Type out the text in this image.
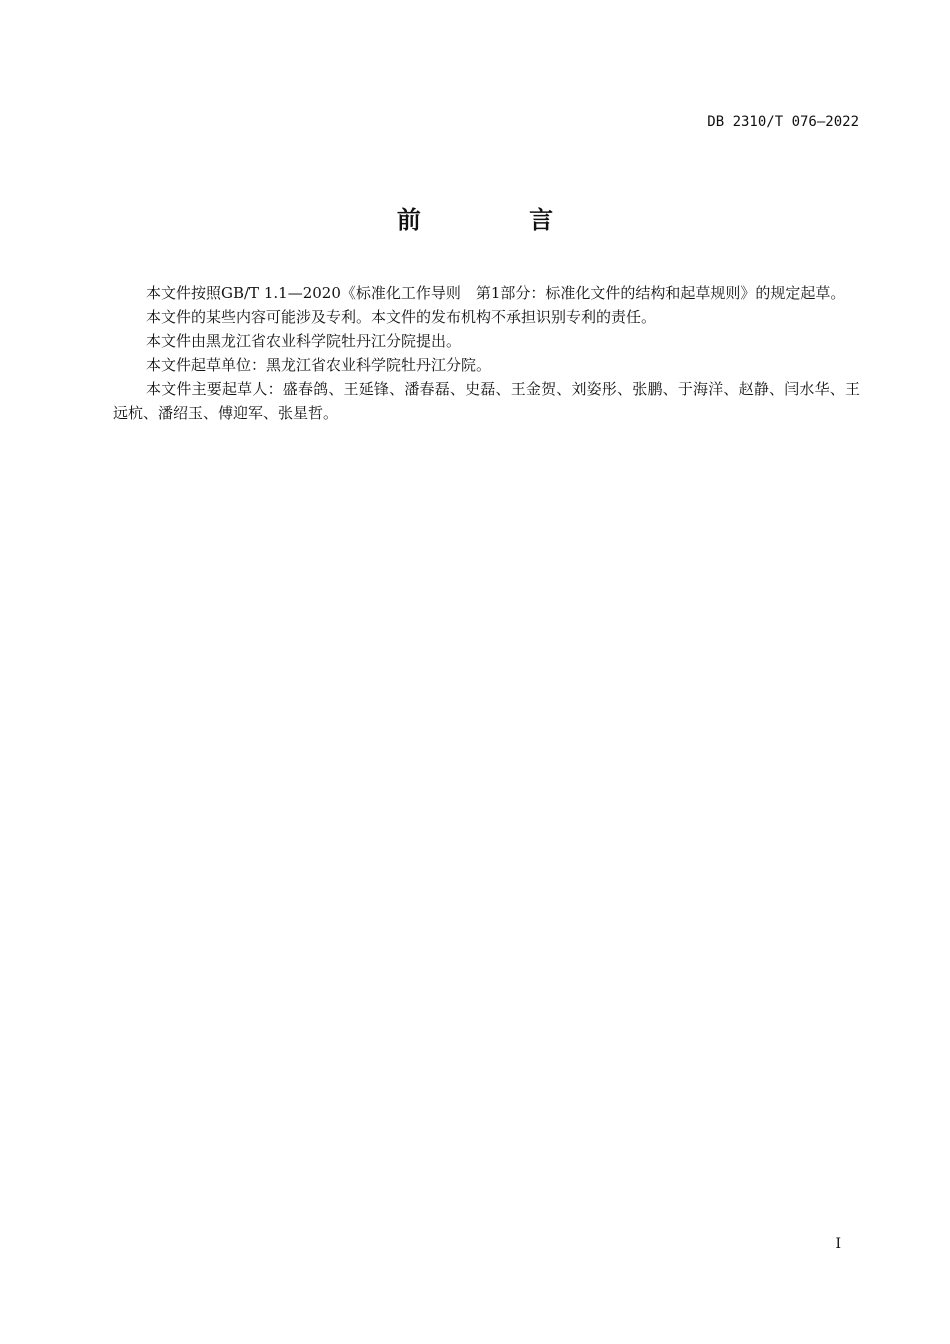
DB 2310/T 076—2022
前 言

本文件按照GB/T 1.1—2020《标准化工作导则　第1部分：标准化文件的结构和起草规则》的规定起草。

本文件的某些内容可能涉及专利。本文件的发布机构不承担识别专利的责任。

本文件由黑龙江省农业科学院牡丹江分院提出。

本文件起草单位：黑龙江省农业科学院牡丹江分院。

本文件主要起草人：盛春鸽、王延锋、潘春磊、史磊、王金贺、刘姿彤、张鹏、于海洋、赵静、闫水华、王远杭、潘绍玉、傅迎军、张星哲。

I
